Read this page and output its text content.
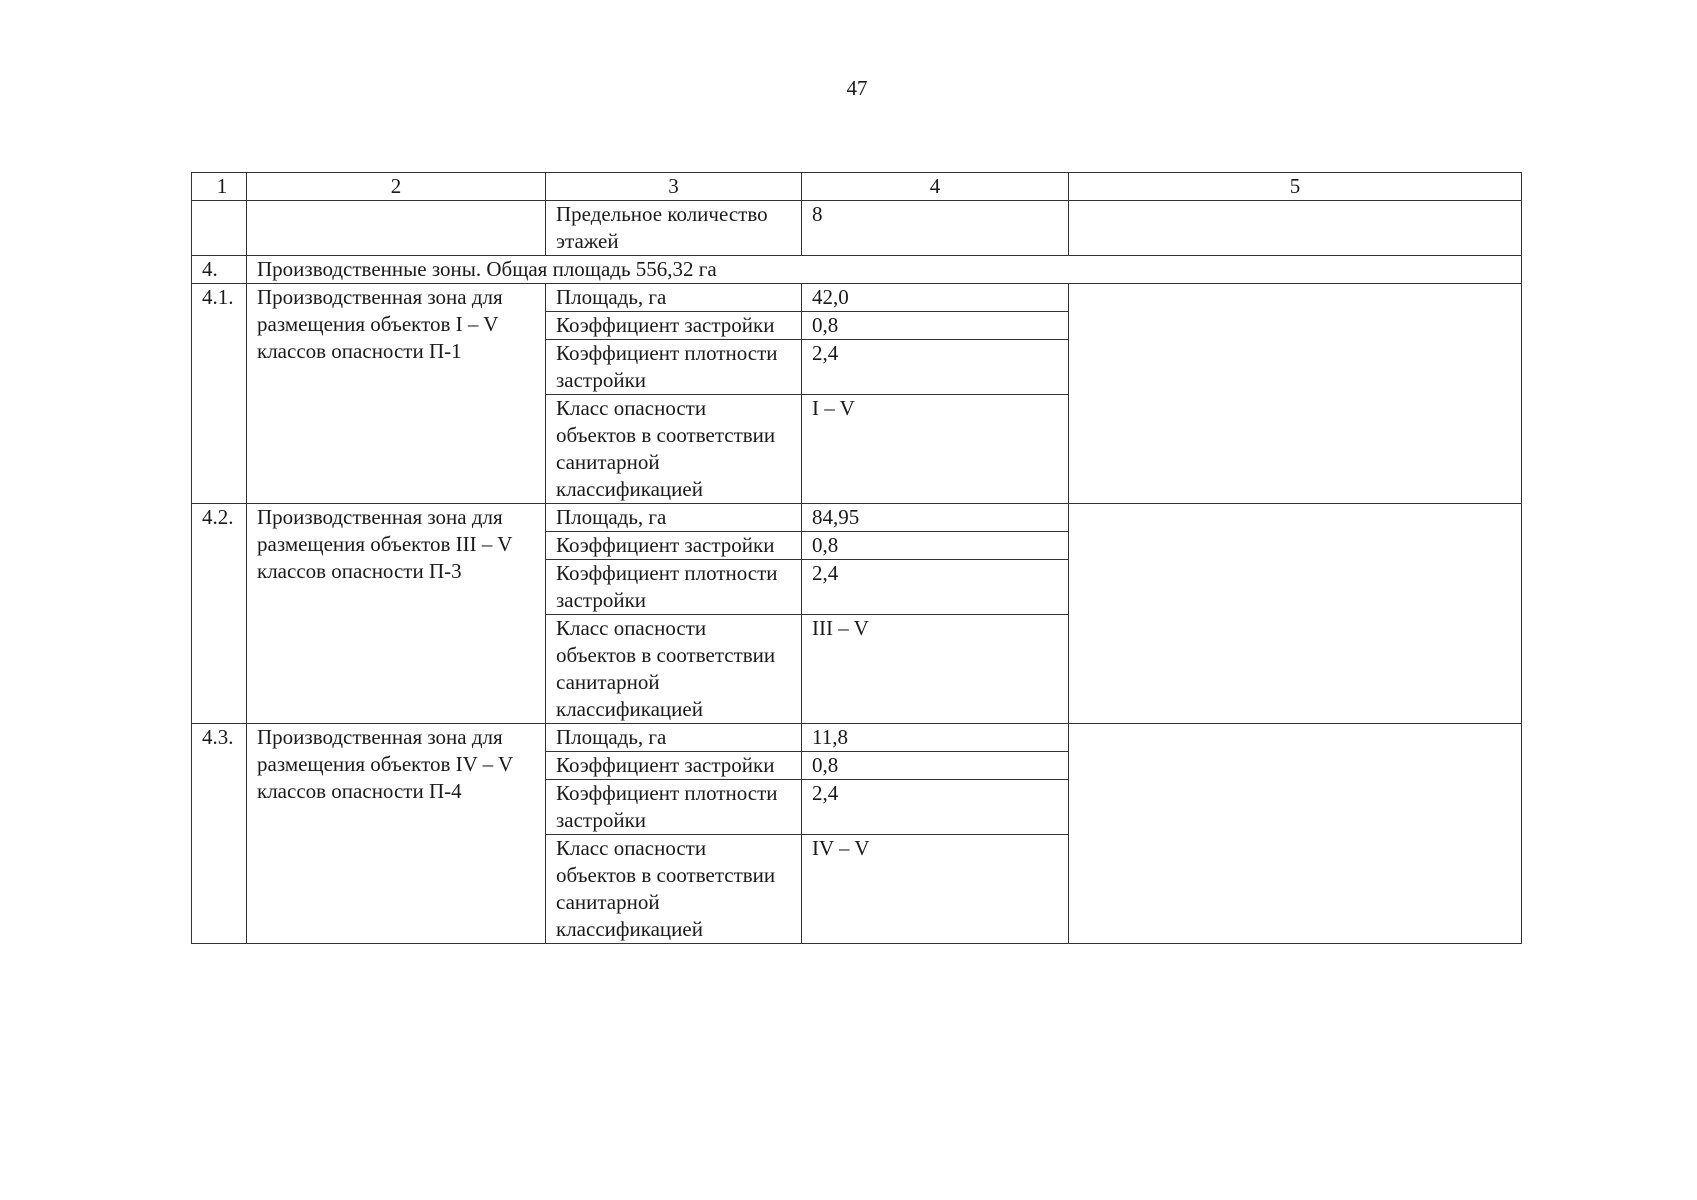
47
1	2	3	4	5
		Предельное количество этажей	8	
4.	Производственные зоны. Общая площадь 556,32 га			
4.1.	Производственная зона для размещения объектов I – V классов опасности П-1	Площадь, га	42,0	
		Коэффициент застройки	0,8	
		Коэффициент плотности застройки	2,4	
		Класс опасности объектов в соответствии санитарной классификацией	I – V	
4.2.	Производственная зона для размещения объектов III – V классов опасности П-3	Площадь, га	84,95	
		Коэффициент застройки	0,8	
		Коэффициент плотности застройки	2,4	
		Класс опасности объектов в соответствии санитарной классификацией	III – V	
4.3.	Производственная зона для размещения объектов IV – V классов опасности П-4	Площадь, га	11,8	
		Коэффициент застройки	0,8	
		Коэффициент плотности застройки	2,4	
		Класс опасности объектов в соответствии санитарной классификацией	IV – V	
